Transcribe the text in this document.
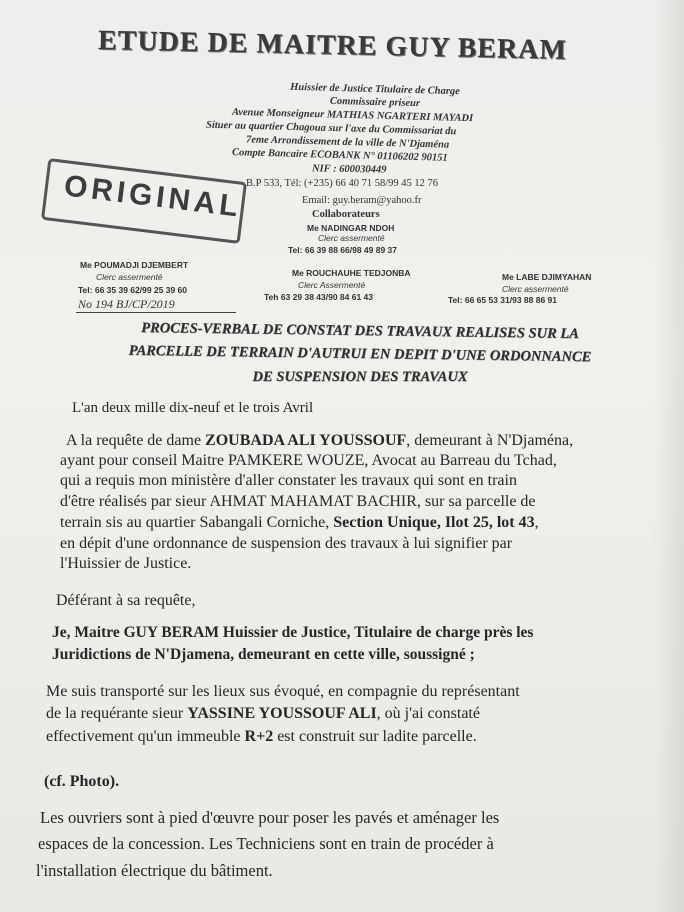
ETUDE DE MAITRE GUY BERAM
Huissier de Justice Titulaire de Charge
Commissaire priseur
Avenue Monseigneur MATHIAS NGARTERI MAYADI
Situer au quartier Chagoua sur l'axe du Commissariat du
7eme Arrondissement de la ville de N'Djaména
Compte Bancaire ECOBANK N° 01106202 90151
NIF : 600030449
B.P 533, Tél: (+235) 66 40 71 58/99 45 12 76
Email: guy.beram@yahoo.fr
Collaborateurs
Me NADINGAR NDOH
Clerc assermenté
Tel: 66 39 88 66/98 49 89 37
ORIGINAL
Me POUMADJI DJEMBERT
Clerc assermenté
Tel: 66 35 39 62/99 25 39 60
Me ROUCHAUHE TEDJONBA
Clerc Assermenté
Teh 63 29 38 43/90 84 61 43
Me LABE DJIMYAHAN
Clerc assermenté
Tel: 66 65 53 31/93 88 86 91
No 194 BJ/CP/2019
PROCES-VERBAL DE CONSTAT DES TRAVAUX REALISES SUR LA
PARCELLE DE TERRAIN D'AUTRUI EN DEPIT D'UNE ORDONNANCE
DE SUSPENSION DES TRAVAUX
L'an deux mille dix-neuf et le trois Avril
A la requête de dame ZOUBADA ALI YOUSSOUF, demeurant à N'Djaména,
ayant pour conseil Maitre PAMKERE WOUZE, Avocat au Barreau du Tchad,
qui a requis mon ministère d'aller constater les travaux qui sont en train
d'être réalisés par sieur AHMAT MAHAMAT BACHIR, sur sa parcelle de
terrain sis au quartier Sabangali Corniche, Section Unique, Ilot 25, lot 43,
en dépit d'une ordonnance de suspension des travaux à lui signifier par
l'Huissier de Justice.
Déférant à sa requête,
Je, Maitre GUY BERAM Huissier de Justice, Titulaire de charge près les
Juridictions de N'Djamena, demeurant en cette ville, soussigné ;
Me suis transporté sur les lieux sus évoqué, en compagnie du représentant
de la requérante sieur YASSINE YOUSSOUF ALI, où j'ai constaté
effectivement qu'un immeuble R+2 est construit sur ladite parcelle.
(cf. Photo).
Les ouvriers sont à pied d'œuvre pour poser les pavés et aménager les
espaces de la concession. Les Techniciens sont en train de procéder à
l'installation électrique du bâtiment.
